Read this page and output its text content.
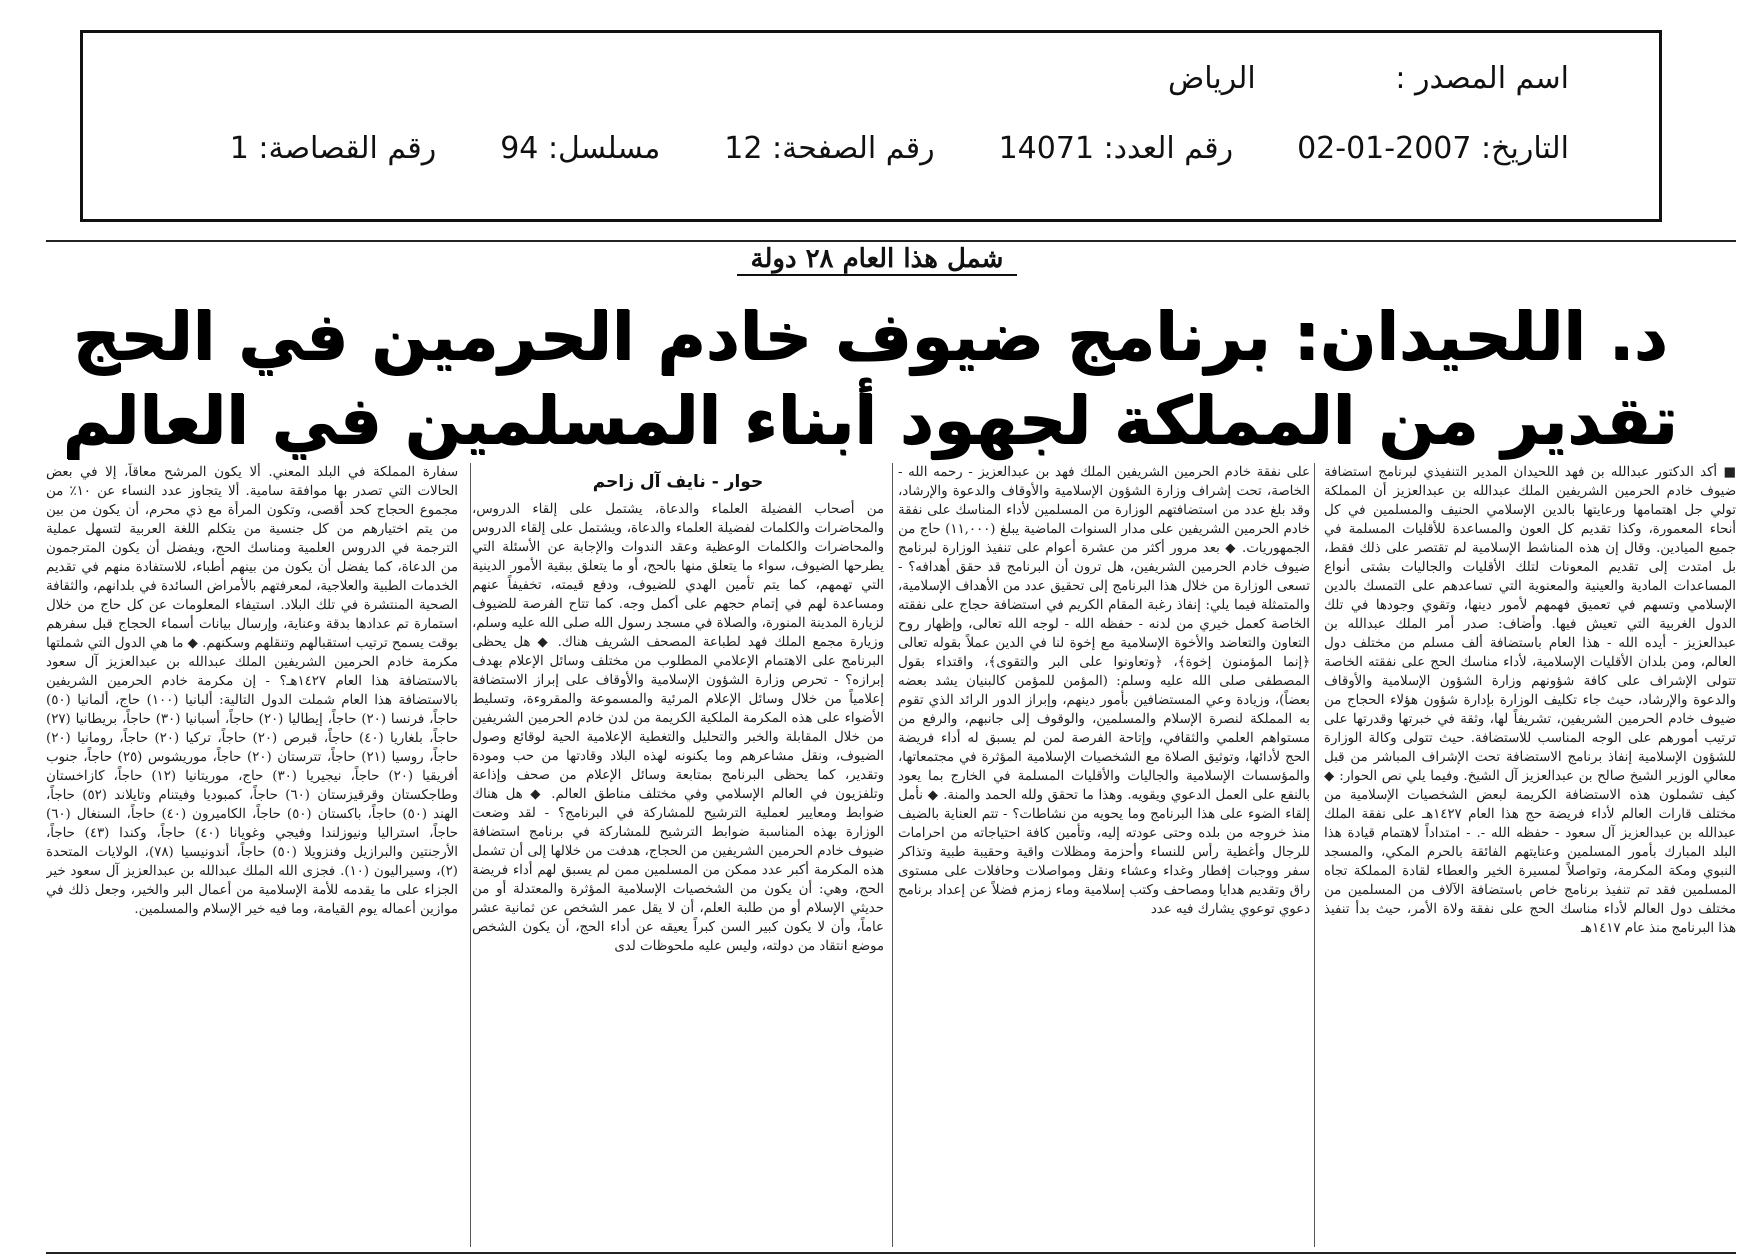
اسم المصدر : الرياض
التاريخ: 2007-01-02
رقم العدد: 14071
رقم الصفحة: 12
مسلسل: 94
رقم القصاصة: 1
شمل هذا العام ٢٨ دولة
د. اللحيدان: برنامج ضيوف خادم الحرمين في الحج
تقدير من المملكة لجهود أبناء المسلمين في العالم

■ أكد الدكتور عبدالله بن فهد اللحيدان المدير التنفيذي لبرنامج استضافة ضيوف خادم الحرمين الشريفين الملك عبدالله بن عبدالعزيز أن المملكة تولي جل اهتمامها ورعايتها بالدين الإسلامي الحنيف والمسلمين في كل أنحاء المعمورة، وكذا تقديم كل العون والمساعدة للأقليات المسلمة في جميع الميادين. وقال إن هذه المناشط الإسلامية لم تقتصر على ذلك فقط، بل امتدت إلى تقديم المعونات لتلك الأقليات والجاليات بشتى أنواع المساعدات المادية والعينية والمعنوية التي تساعدهم على التمسك بالدين الإسلامي وتسهم في تعميق فهمهم لأمور دينها، وتقوي وجودها في تلك الدول الغربية التي تعيش فيها. وأضاف: صدر أمر الملك عبدالله بن عبدالعزيز - أيده الله - هذا العام باستضافة ألف مسلم من مختلف دول العالم، ومن بلدان الأقليات الإسلامية، لأداء مناسك الحج على نفقته الخاصة تتولى الإشراف على كافة شؤونهم وزارة الشؤون الإسلامية والأوقاف والدعوة والإرشاد، حيث جاء تكليف الوزارة بإدارة شؤون هؤلاء الحجاج من ضيوف خادم الحرمين الشريفين، تشريفاً لها، وثقة في خبرتها وقدرتها على ترتيب أمورهم على الوجه المناسب للاستضافة. حيث تتولى وكالة الوزارة للشؤون الإسلامية إنفاذ برنامج الاستضافة تحت الإشراف المباشر من قبل معالي الوزير الشيخ صالح بن عبدالعزيز آل الشيخ. وفيما يلي نص الحوار: ◆ كيف تشملون هذه الاستضافة الكريمة لبعض الشخصيات الإسلامية من مختلف قارات العالم لأداء فريضة حج هذا العام ١٤٢٧هـ على نفقة الملك عبدالله بن عبدالعزيز آل سعود - حفظه الله -. - امتداداً لاهتمام قيادة هذا البلد المبارك بأمور المسلمين وعنايتهم الفائقة بالحرم المكي، والمسجد النبوي ومكة المكرمة، وتواصلاً لمسيرة الخير والعطاء لقادة المملكة تجاه المسلمين فقد تم تنفيذ برنامج خاص باستضافة الآلاف من المسلمين من مختلف دول العالم لأداء مناسك الحج على نفقة ولاة الأمر، حيث بدأ تنفيذ هذا البرنامج منذ عام ١٤١٧هـ

على نفقة خادم الحرمين الشريفين الملك فهد بن عبدالعزيز - رحمه الله - الخاصة، تحت إشراف وزارة الشؤون الإسلامية والأوقاف والدعوة والإرشاد، وقد بلغ عدد من استضافتهم الوزارة من المسلمين لأداء المناسك على نفقة خادم الحرمين الشريفين على مدار السنوات الماضية يبلغ (١١,٠٠٠) حاج من الجمهوريات. ◆ بعد مرور أكثر من عشرة أعوام على تنفيذ الوزارة لبرنامج ضيوف خادم الحرمين الشريفين، هل ترون أن البرنامج قد حقق أهدافه؟ - تسعى الوزارة من خلال هذا البرنامج إلى تحقيق عدد من الأهداف الإسلامية، والمتمثلة فيما يلي: إنفاذ رغبة المقام الكريم في استضافة حجاج على نفقته الخاصة كعمل خيري من لدنه - حفظه الله - لوجه الله تعالى، وإظهار روح التعاون والتعاضد والأخوة الإسلامية مع إخوة لنا في الدين عملاً بقوله تعالى ﴿إنما المؤمنون إخوة﴾، ﴿وتعاونوا على البر والتقوى﴾، واقتداء بقول المصطفى صلى الله عليه وسلم: (المؤمن للمؤمن كالبنيان يشد بعضه بعضاً)، وزيادة وعي المستضافين بأمور دينهم، وإبراز الدور الرائد الذي تقوم به المملكة لنصرة الإسلام والمسلمين، والوقوف إلى جانبهم، والرفع من مستواهم العلمي والثقافي، وإتاحة الفرصة لمن لم يسبق له أداء فريضة الحج لأدائها، وتوثيق الصلاة مع الشخصيات الإسلامية المؤثرة في مجتمعاتها، والمؤسسات الإسلامية والجاليات والأقليات المسلمة في الخارج بما يعود بالنفع على العمل الدعوي ويقويه. وهذا ما تحقق ولله الحمد والمنة. ◆ نأمل إلقاء الضوء على هذا البرنامج وما يحويه من نشاطات؟ - تتم العناية بالضيف منذ خروجه من بلده وحتى عودته إليه، وتأمين كافة احتياجاته من احرامات للرجال وأغطية رأس للنساء وأحزمة ومظلات واقية وحقيبة طبية وتذاكر سفر ووجبات إفطار وغداء وعشاء ونقل ومواصلات وحافلات على مستوى راق وتقديم هدايا ومصاحف وكتب إسلامية وماء زمزم فضلاً عن إعداد برنامج دعوي توعوي يشارك فيه عدد

حوار - نايف آل زاحم

من أصحاب الفضيلة العلماء والدعاة، يشتمل على إلقاء الدروس، والمحاضرات والكلمات لفضيلة العلماء والدعاة، ويشتمل على إلقاء الدروس والمحاضرات والكلمات الوعظية وعقد الندوات والإجابة عن الأسئلة التي يطرحها الضيوف، سواء ما يتعلق منها بالحج، أو ما يتعلق ببقية الأمور الدينية التي تهمهم، كما يتم تأمين الهدي للضيوف، ودفع قيمته، تخفيفاً عنهم ومساعدة لهم في إتمام حجهم على أكمل وجه. كما تتاح الفرصة للضيوف لزيارة المدينة المنورة، والصلاة في مسجد رسول الله صلى الله عليه وسلم، وزيارة مجمع الملك فهد لطباعة المصحف الشريف هناك. ◆ هل يحظى البرنامج على الاهتمام الإعلامي المطلوب من مختلف وسائل الإعلام بهدف إبرازه؟ - تحرص وزارة الشؤون الإسلامية والأوقاف على إبراز الاستضافة إعلامياً من خلال وسائل الإعلام المرئية والمسموعة والمقروءة، وتسليط الأضواء على هذه المكرمة الملكية الكريمة من لدن خادم الحرمين الشريفين من خلال المقابلة والخبر والتحليل والتغطية الإعلامية الحية لوقائع وصول الضيوف، ونقل مشاعرهم وما يكنونه لهذه البلاد وقادتها من حب ومودة وتقدير، كما يحظى البرنامج بمتابعة وسائل الإعلام من صحف وإذاعة وتلفزيون في العالم الإسلامي وفي مختلف مناطق العالم. ◆ هل هناك ضوابط ومعايير لعملية الترشيح للمشاركة في البرنامج؟ - لقد وضعت الوزارة بهذه المناسبة ضوابط الترشيح للمشاركة في برنامج استضافة ضيوف خادم الحرمين الشريفين من الحجاج، هدفت من خلالها إلى أن تشمل هذه المكرمة أكبر عدد ممكن من المسلمين ممن لم يسبق لهم أداء فريضة الحج، وهي: أن يكون من الشخصيات الإسلامية المؤثرة والمعتدلة أو من حديثي الإسلام أو من طلبة العلم، أن لا يقل عمر الشخص عن ثمانية عشر عاماً، وأن لا يكون كبير السن كبراً يعيقه عن أداء الحج، أن يكون الشخص موضع انتقاد من دولته، وليس عليه ملحوظات لدى

سفارة المملكة في البلد المعني. ألا يكون المرشح معاقاً، إلا في بعض الحالات التي تصدر بها موافقة سامية. ألا يتجاوز عدد النساء عن ١٠٪ من مجموع الحجاج كحد أقصى، وتكون المرأة مع ذي محرم، أن يكون من بين من يتم اختيارهم من كل جنسية من يتكلم اللغة العربية لتسهل عملية الترجمة في الدروس العلمية ومناسك الحج، ويفضل أن يكون المترجمون من الدعاة، كما يفضل أن يكون من بينهم أطباء، للاستفادة منهم في تقديم الخدمات الطبية والعلاجية، لمعرفتهم بالأمراض السائدة في بلدانهم، والثقافة الصحية المنتشرة في تلك البلاد. استيفاء المعلومات عن كل حاج من خلال استمارة تم عدادها بدقة وعناية، وإرسال بيانات أسماء الحجاج قبل سفرهم بوقت يسمح ترتيب استقبالهم وتنقلهم وسكنهم. ◆ ما هي الدول التي شملتها مكرمة خادم الحرمين الشريفين الملك عبدالله بن عبدالعزيز آل سعود بالاستضافة هذا العام ١٤٢٧هـ؟ - إن مكرمة خادم الحرمين الشريفين بالاستضافة هذا العام شملت الدول التالية: ألبانيا (١٠٠) حاج، ألمانيا (٥٠) حاجاً، فرنسا (٢٠) حاجاً، إيطاليا (٢٠) حاجاً، أسبانيا (٣٠) حاجاً، بريطانيا (٢٧) حاجاً، بلغاريا (٤٠) حاجاً، قبرص (٢٠) حاجاً، تركيا (٢٠) حاجاً، رومانيا (٢٠) حاجاً، روسيا (٢١) حاجاً، تترستان (٢٠) حاجاً، موريشوس (٢٥) حاجاً، جنوب أفريقيا (٢٠) حاجاً، نيجيريا (٣٠) حاج، موريتانيا (١٢) حاجاً، كازاخستان وطاجكستان وقرقيزستان (٦٠) حاجاً، كمبوديا وفيتنام وتايلاند (٥٢) حاجاً، الهند (٥٠) حاجاً، باكستان (٥٠) حاجاً، الكاميرون (٤٠) حاجاً، السنغال (٦٠) حاجاً، استراليا ونيوزلندا وفيجي وغويانا (٤٠) حاجاً، وكندا (٤٣) حاجاً، الأرجنتين والبرازيل وفنزويلا (٥٠) حاجاً، أندونيسيا (٧٨)، الولايات المتحدة (٢)، وسيراليون (١٠). فجزى الله الملك عبدالله بن عبدالعزيز آل سعود خير الجزاء على ما يقدمه للأمة الإسلامية من أعمال البر والخير، وجعل ذلك في موازين أعماله يوم القيامة، وما فيه خير الإسلام والمسلمين.
